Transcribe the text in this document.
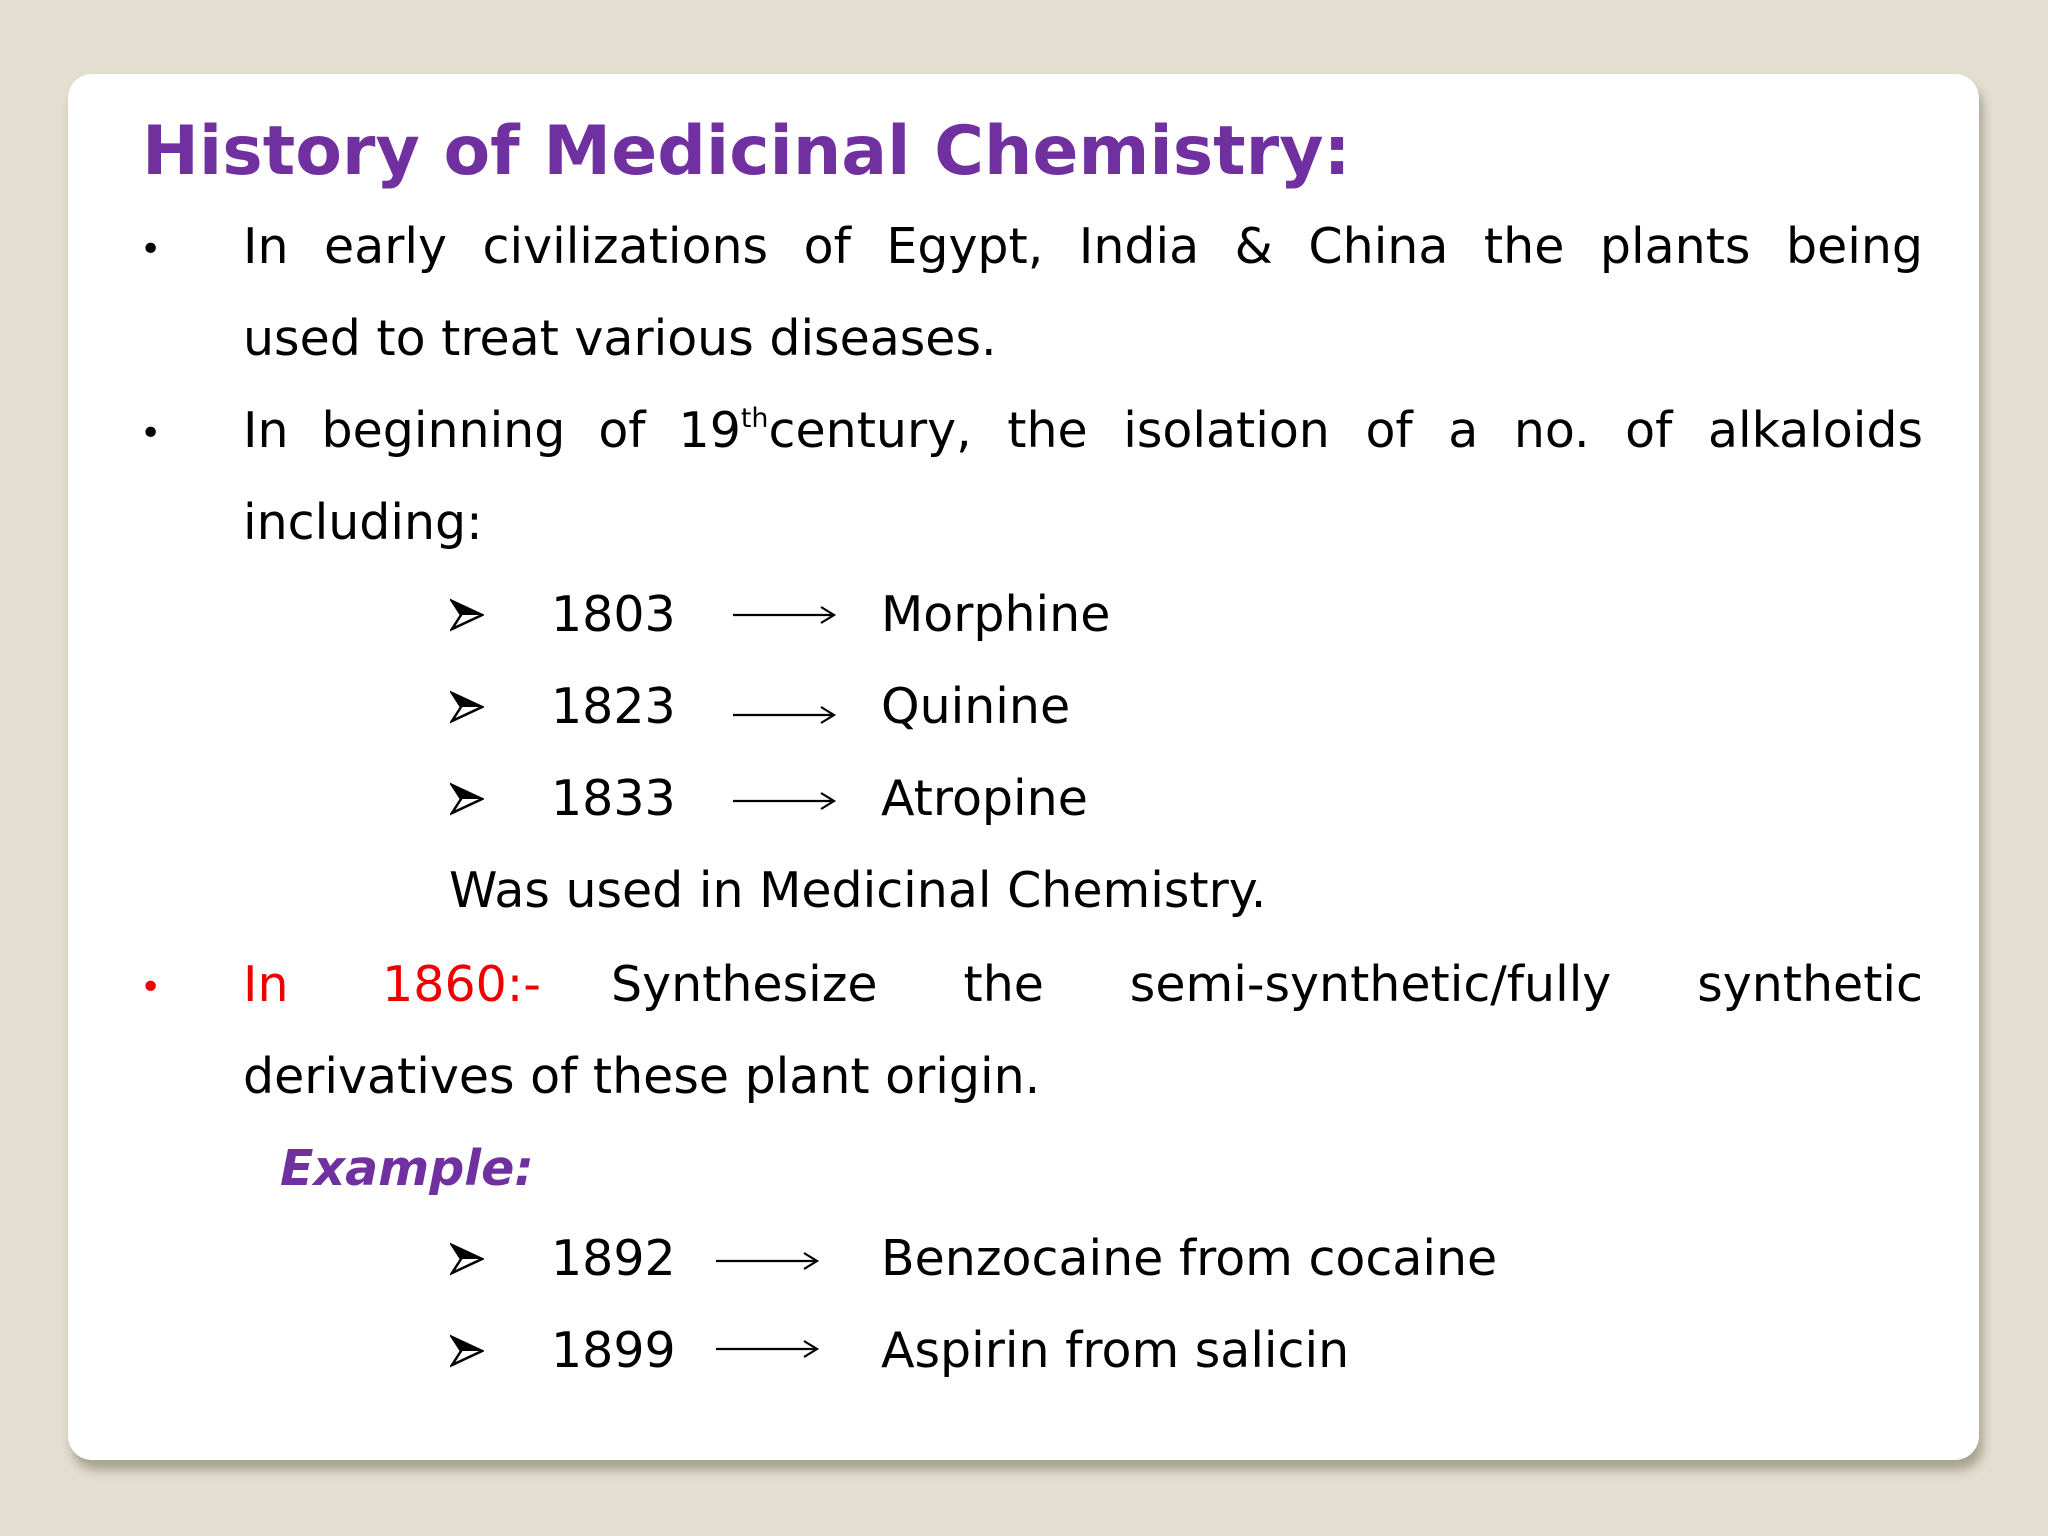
History of Medicinal Chemistry:
• In early civilizations of Egypt, India & China the plants being
used to treat various diseases.
• In beginning of 19th century, the isolation of a no. of alkaloids
including:
1803	Morphine
1823	Quinine
1833	Atropine
Was used in Medicinal Chemistry.
• In 1860:- Synthesize the semi-synthetic/fully synthetic
derivatives of these plant origin.
Example:
1892	Benzocaine from cocaine
1899	Aspirin from salicin
